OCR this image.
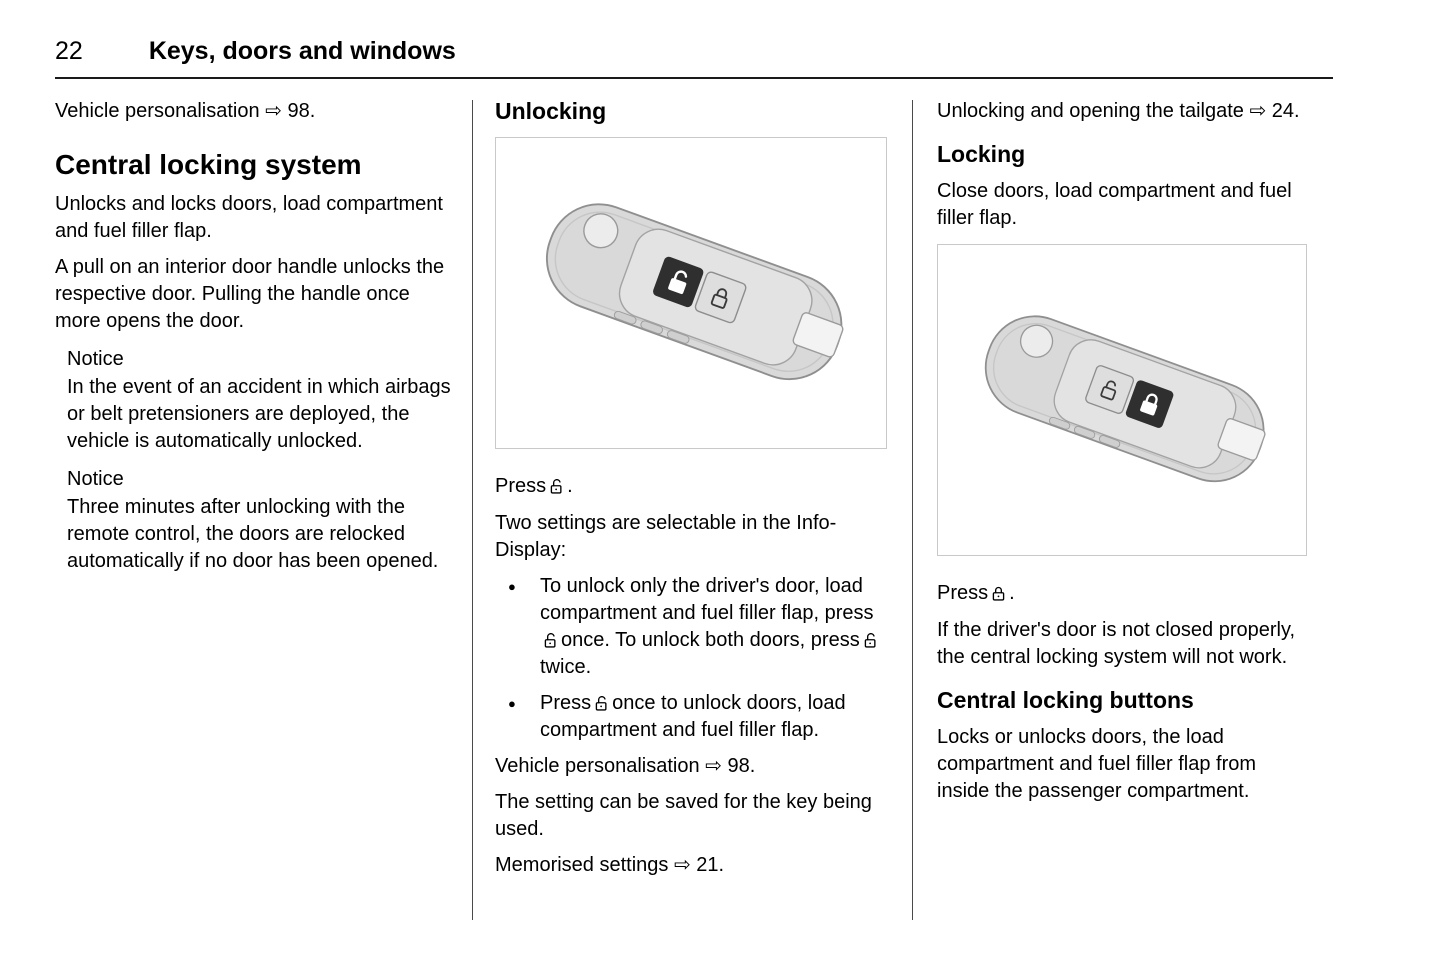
22	Keys, doors and windows

Vehicle personalisation ⇨ 98.

Central locking system

Unlocks and locks doors, load compartment and fuel filler flap.

A pull on an interior door handle unlocks the respective door. Pulling the handle once more opens the door.

Notice

In the event of an accident in which airbags or belt pretensioners are deployed, the vehicle is automatically unlocked.

Notice

Three minutes after unlocking with the remote control, the doors are relocked automatically if no door has been opened.

Unlocking

Press .

Two settings are selectable in the Info-Display:

●	To unlock only the driver's door, load compartment and fuel filler flap, press
once. To unlock both doors, press
twice.
●	Press once to unlock doors, load compartment and fuel filler flap.

Vehicle personalisation ⇨ 98.

The setting can be saved for the key being used.

Memorised settings ⇨ 21.

Unlocking and opening the tailgate ⇨ 24.

Locking

Close doors, load compartment and fuel filler flap.

Press .

If the driver's door is not closed properly, the central locking system will not work.

Central locking buttons

Locks or unlocks doors, the load compartment and fuel filler flap from inside the passenger compartment.
